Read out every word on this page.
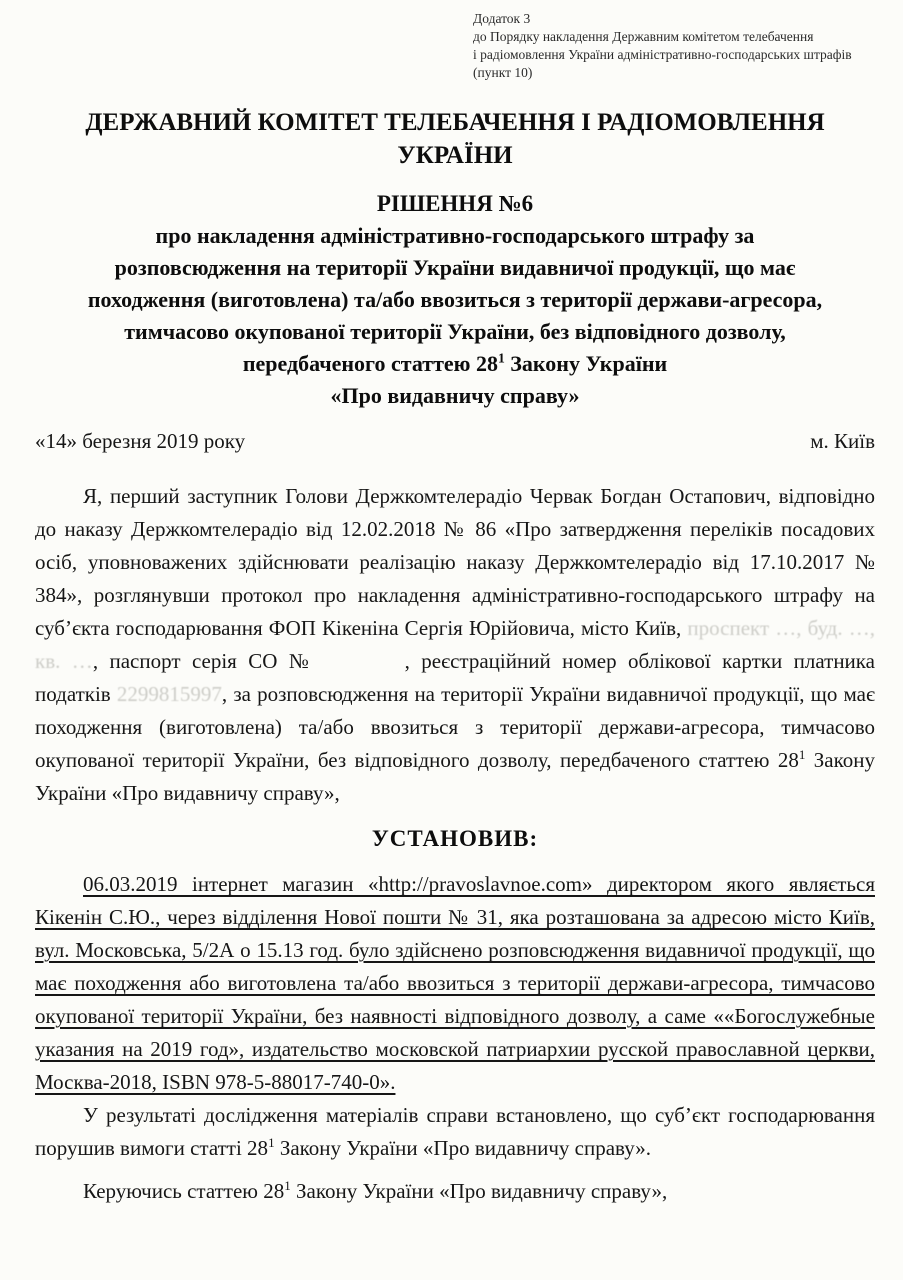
Додаток 3
до Порядку накладення Державним комітетом телебачення
і радіомовлення України адміністративно-господарських штрафів
(пункт 10)
ДЕРЖАВНИЙ КОМІТЕТ ТЕЛЕБАЧЕННЯ І РАДІОМОВЛЕННЯ
УКРАЇНИ
РІШЕННЯ №6
про накладення адміністративно-господарського штрафу за
розповсюдження на території України видавничої продукції, що має
походження (виготовлена) та/або ввозиться з території держави-агресора,
тимчасово окупованої території України, без відповідного дозволу,
передбаченого статтею $28^1$ Закону України
«Про видавничу справу»
«14» березня 2019 року	м. Київ

Я, перший заступник Голови Держкомтелерадіо Червак Богдан Остапович, відповідно до наказу Держкомтелерадіо від 12.02.2018 № 86 «Про затвердження переліків посадових осіб, уповноважених здійснювати реалізацію наказу Держкомтелерадіо від 17.10.2017 № 384», розглянувши протокол про накладення адміністративно-господарського штрафу на суб’єкта господарювання ФОП Кікеніна Сергія Юрійовича, місто Київ, проспект …, буд. …, кв. …, паспорт серія СО №	, реєстраційний номер облікової картки платника податків 2299815997, за розповсюдження на території України видавничої продукції, що має походження (виготовлена) та/або ввозиться з території держави-агресора, тимчасово окупованої території України, без відповідного дозволу, передбаченого статтею $28^1$ Закону України «Про видавничу справу»,

УСТАНОВИВ:

06.03.2019 інтернет магазин «http://pravoslavnoe.com» директором якого являється Кікенін С.Ю., через відділення Нової пошти № 31, яка розташована за адресою місто Київ, вул. Московська, 5/2А о 15.13 год. було здійснено розповсюдження видавничої продукції, що має походження або виготовлена та/або ввозиться з території держави-агресора, тимчасово окупованої території України, без наявності відповідного дозволу, а саме ««Богослужебные указания на 2019 год», издательство московской патриархии русской православной церкви, Москва-2018, ISBN 978-5-88017-740-0».

У результаті дослідження матеріалів справи встановлено, що суб’єкт господарювання порушив вимоги статті $28^1$ Закону України «Про видавничу справу».

Керуючись статтею $28^1$ Закону України «Про видавничу справу»,
